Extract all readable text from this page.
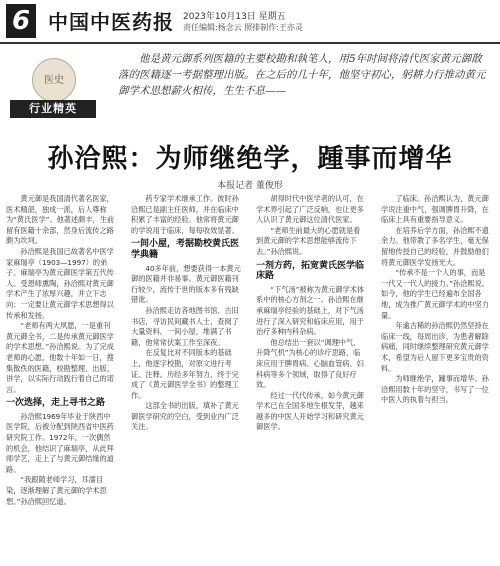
6 中国中医药报 2023年10月13日 星期五
责任编辑:杨念云 照排制作:王亦灵
医史
行业精英
他是黄元御系列医籍的主要校勘和執笔人，用5年时间将清代医家黄元御散落的医籍逐一考据整理出版。在之后的几十年，他坚守初心，躬耕力行推动黄元御学术思想薪火相传，生生不息——
孙洽熙：为师继绝学，踵事而增华
本报记者 董俊形

黄元御是我国清代著名医家，医术精湛，独成一派，后人尊称为“黄氏医学”。他著述颇丰，生前留有医籍十余部，然身后流传之路颇为坎坷。

孙洽熙是我国已故著名中医学家麻瑞亭（1903—1997）的弟子。麻瑞亭为黄元御医学第五代传人。受恩师熏陶，孙洽熙对黄元御学术产生了浓厚兴趣，并立下志向：一定要让黄元御学术思想得以传承和发扬。

“老师有两大夙愿，一是重刊黄元御全书，二是传承黄元御医学的学术思想。”孙洽熙说。为了完成老师的心愿，他数十年如一日，搜集散佚的医籍，校勘整理、出版、讲学，以实际行动践行着自己的诺言。

一次选择，走上寻书之路

孙洽熙1969年毕业于陕西中医学院，后被分配到陕西省中医药研究院工作。1972年，一次偶然的机会，他结识了麻瑞亭，从此拜师学艺，走上了与黄元御结缘的道路。

“我跟随老师学习，耳濡目染，逐渐理解了黄元御的学术思想。”孙洽熙回忆道。

药专家学术继承工作。彼时孙洽熙已是副主任医师，并在临床中积累了丰富的经验。他常将黄元御的学说用于临床，每每收效显著。

一间小屋，考据勘校黄氏医学典籍

40多年前，想要获得一本黄元御的医籍并非易事。黄元御医籍刊行较少，流传于世的版本多有残缺错讹。

孙洽熙走访各地图书馆、古旧书店，寻访民间藏书人士，查阅了大量资料。一间小屋，堆满了书籍，他常常伏案工作至深夜。

在反复比对不同版本的基础上，他逐字校勘，对原文进行考证、注释。历经多年努力，终于完成了《黄元御医学全书》的整理工作。

这部全书的出版，填补了黄元御医学研究的空白，受到业内广泛关注。

胡得时代中医学者的认可，在学术界引起了广泛反响，也让更多人认识了黄元御这位清代医家。

“老师生前最大的心愿就是看到黄元御的学术思想能够流传下去。”孙洽熙说。

一剂方药，拓宽黄氏医学临床路

“下气汤”被称为黄元御学术体系中的核心方剂之一。孙洽熙在继承麻瑞亭经验的基础上，对下气汤进行了深入研究和临床应用，用于治疗多种内科杂病。

他总结出一套以“调理中气、升降气机”为核心的诊疗思路，临床应用于脾胃病、心脑血管病、妇科病等多个领域，取得了良好疗效。

经过一代代传承，如今黄元御学术已在全国多地生根发芽，越来越多的中医人开始学习和研究黄元御医学。

了临床。孙洽熙认为，黄元御学说注重中气，强调脾胃升降，在临床上具有重要指导意义。

在培养后学方面，孙洽熙不遗余力。他带教了多名学生，毫无保留地传授自己的经验，并鼓励他们将黄元御医学发扬光大。

“传承不是一个人的事，而是一代又一代人的接力。”孙洽熙说。如今，他的学生已经遍布全国各地，成为推广黄元御学术的中坚力量。

年逾古稀的孙洽熙仍然坚持在临床一线，每周出诊，为患者解除病痛，同时继续整理研究黄元御学术，希望为后人留下更多宝贵的资料。

为师继绝学，踵事而增华。孙洽熙用数十年的坚守，书写了一位中医人的执着与担当。
